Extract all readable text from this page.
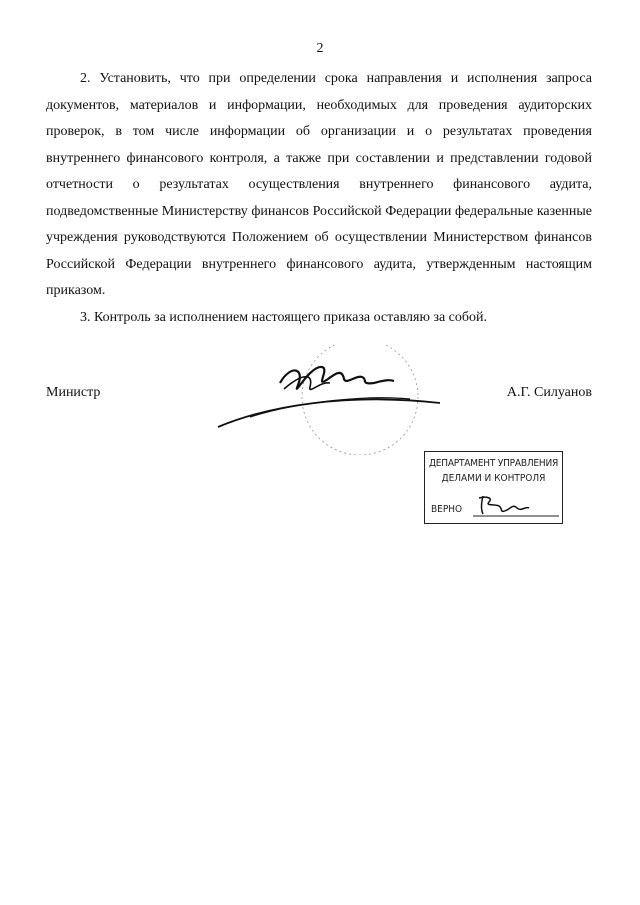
2

2. Установить, что при определении срока направления и исполнения запроса документов, материалов и информации, необходимых для проведения аудиторских проверок, в том числе информации об организации и о результатах проведения внутреннего финансового контроля, а также при составлении и представлении годовой отчетности о результатах осуществления внутреннего финансового аудита, подведомственные Министерству финансов Российской Федерации федеральные казенные учреждения руководствуются Положением об осуществлении Министерством финансов Российской Федерации внутреннего финансового аудита, утвержденным настоящим приказом.

3. Контроль за исполнением настоящего приказа оставляю за собой.

Министр	А.Г. Силуанов
ДЕПАРТАМЕНТ УПРАВЛЕНИЯ
ДЕЛАМИ И КОНТРОЛЯ
ВЕРНО
